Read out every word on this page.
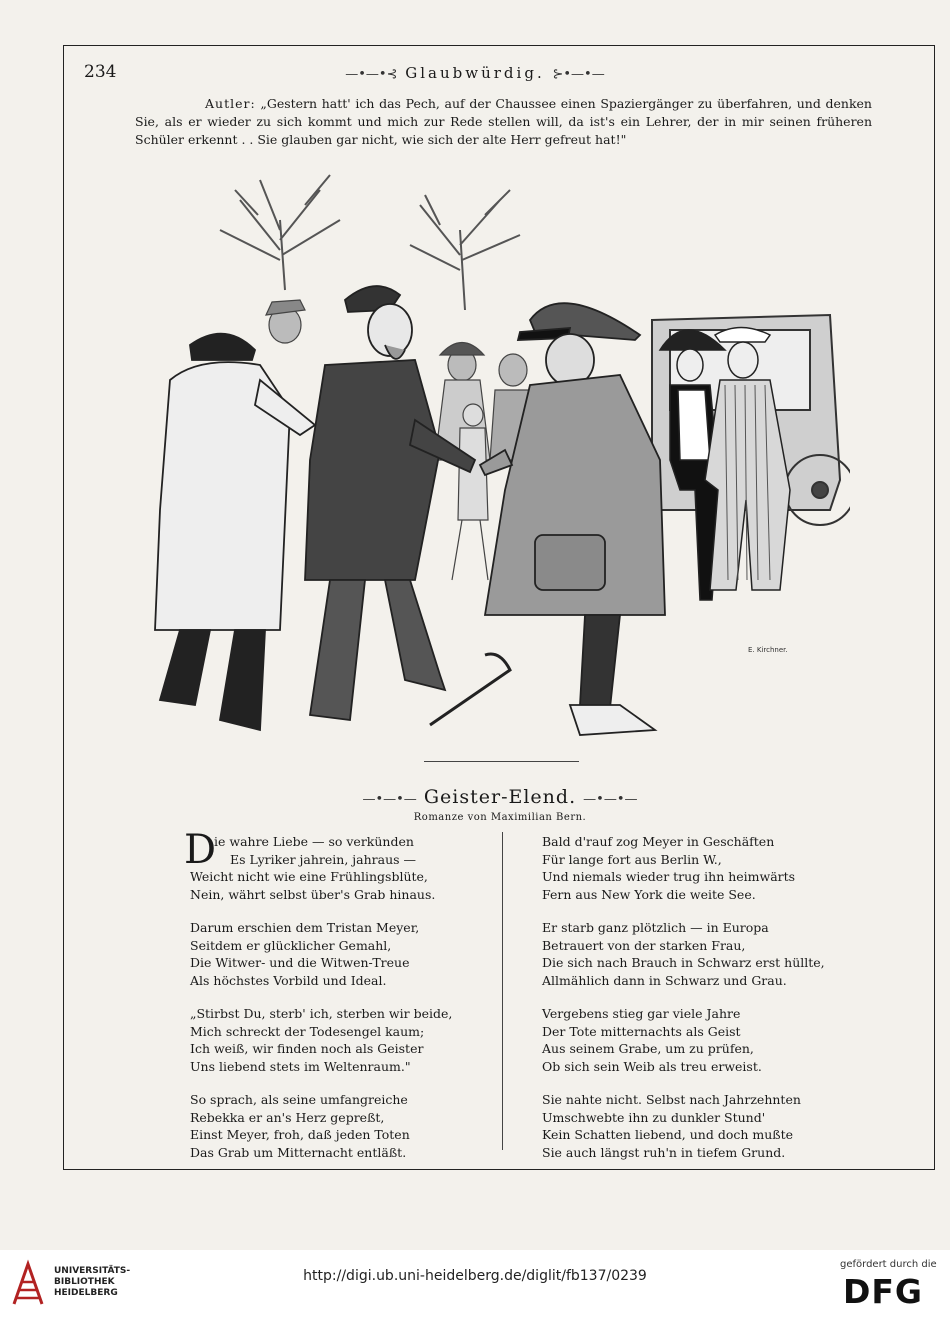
234	—•—•⊰ Glaubwürdig. ⊱•—•—
Autler: „Gestern hatt' ich das Pech, auf der Chaussee einen Spaziergänger zu überfahren, und denken Sie, als er wieder zu sich kommt und mich zur Rede stellen will, da ist's ein Lehrer, der in mir seinen früheren Schüler erkennt . . Sie glauben gar nicht, wie sich der alte Herr gefreut hat!"
E. Kirchner.
—•—•— Geister-Elend. —•—•—
Romanze von Maximilian Bern.
D
ie wahre Liebe — so verkünden
Es Lyriker jahrein, jahraus —
Weicht nicht wie eine Frühlingsblüte,
Nein, währt selbst über's Grab hinaus.
Darum erschien dem Tristan Meyer,
Seitdem er glücklicher Gemahl,
Die Witwer- und die Witwen-Treue
Als höchstes Vorbild und Ideal.
„Stirbst Du, sterb' ich, sterben wir beide,
Mich schreckt der Todesengel kaum;
Ich weiß, wir finden noch als Geister
Uns liebend stets im Weltenraum."
So sprach, als seine umfangreiche
Rebekka er an's Herz gepreßt,
Einst Meyer, froh, daß jeden Toten
Das Grab um Mitternacht entläßt.
Bald d'rauf zog Meyer in Geschäften
Für lange fort aus Berlin W.,
Und niemals wieder trug ihn heimwärts
Fern aus New York die weite See.
Er starb ganz plötzlich — in Europa
Betrauert von der starken Frau,
Die sich nach Brauch in Schwarz erst hüllte,
Allmählich dann in Schwarz und Grau.
Vergebens stieg gar viele Jahre
Der Tote mitternachts als Geist
Aus seinem Grabe, um zu prüfen,
Ob sich sein Weib als treu erweist.
Sie nahte nicht. Selbst nach Jahrzehnten
Umschwebte ihn zu dunkler Stund'
Kein Schatten liebend, und doch mußte
Sie auch längst ruh'n in tiefem Grund.
UNIVERSITÄTS-
BIBLIOTHEK
HEIDELBERG
http://digi.ub.uni-heidelberg.de/diglit/fb137/0239
gefördert durch die
DFG
